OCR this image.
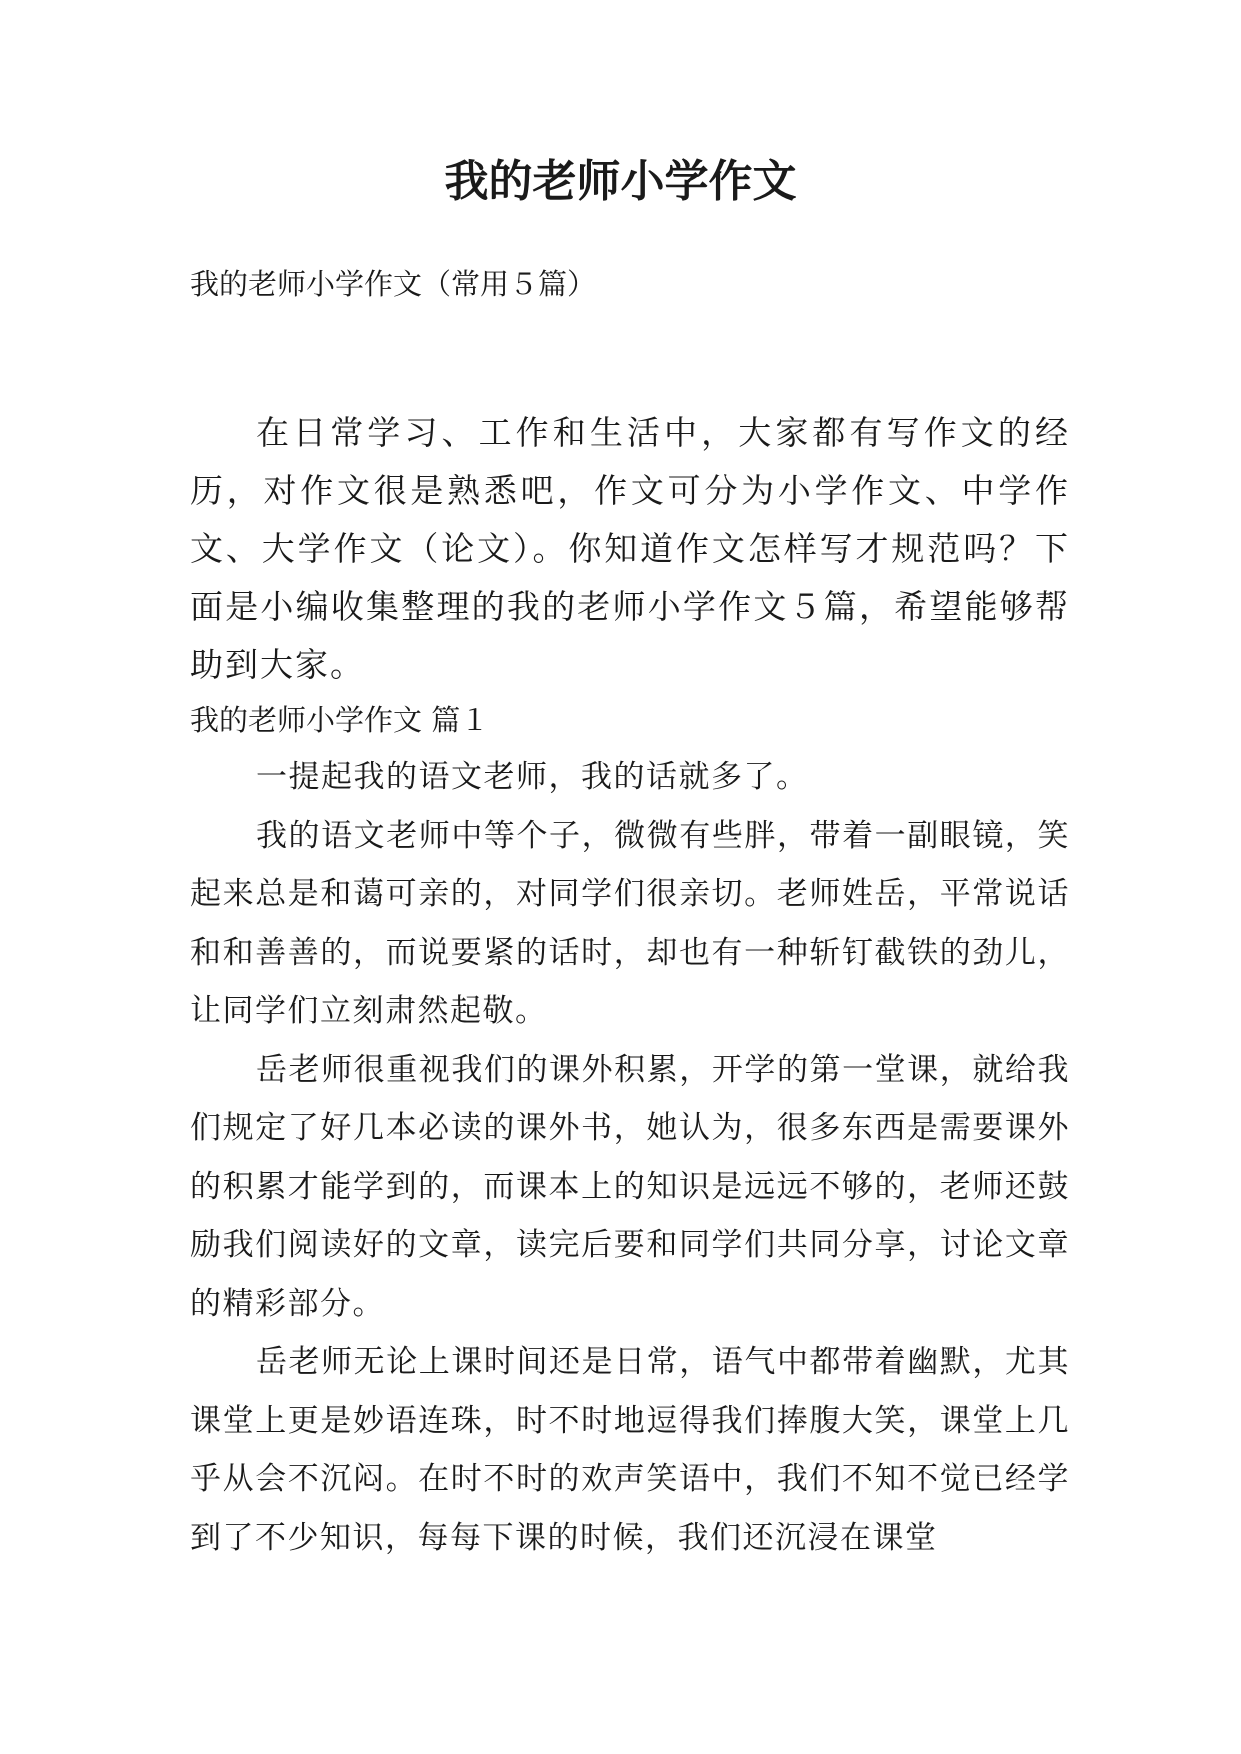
我的老师小学作文
我的老师小学作文（常用５篇）

在日常学习、工作和生活中，大家都有写作文的经历，对作文很是熟悉吧，作文可分为小学作文、中学作文、大学作文（论文）。你知道作文怎样写才规范吗？下面是小编收集整理的我的老师小学作文５篇，希望能够帮助到大家。

我的老师小学作文 篇１

一提起我的语文老师，我的话就多了。

我的语文老师中等个子，微微有些胖，带着一副眼镜，笑起来总是和蔼可亲的，对同学们很亲切。老师姓岳，平常说话和和善善的，而说要紧的话时，却也有一种斩钉截铁的劲儿，让同学们立刻肃然起敬。

岳老师很重视我们的课外积累，开学的第一堂课，就给我们规定了好几本必读的课外书，她认为，很多东西是需要课外的积累才能学到的，而课本上的知识是远远不够的，老师还鼓励我们阅读好的文章，读完后要和同学们共同分享，讨论文章的精彩部分。

岳老师无论上课时间还是日常，语气中都带着幽默，尤其课堂上更是妙语连珠，时不时地逗得我们捧腹大笑，课堂上几乎从会不沉闷。在时不时的欢声笑语中，我们不知不觉已经学到了不少知识，每每下课的时候，我们还沉浸在课堂
